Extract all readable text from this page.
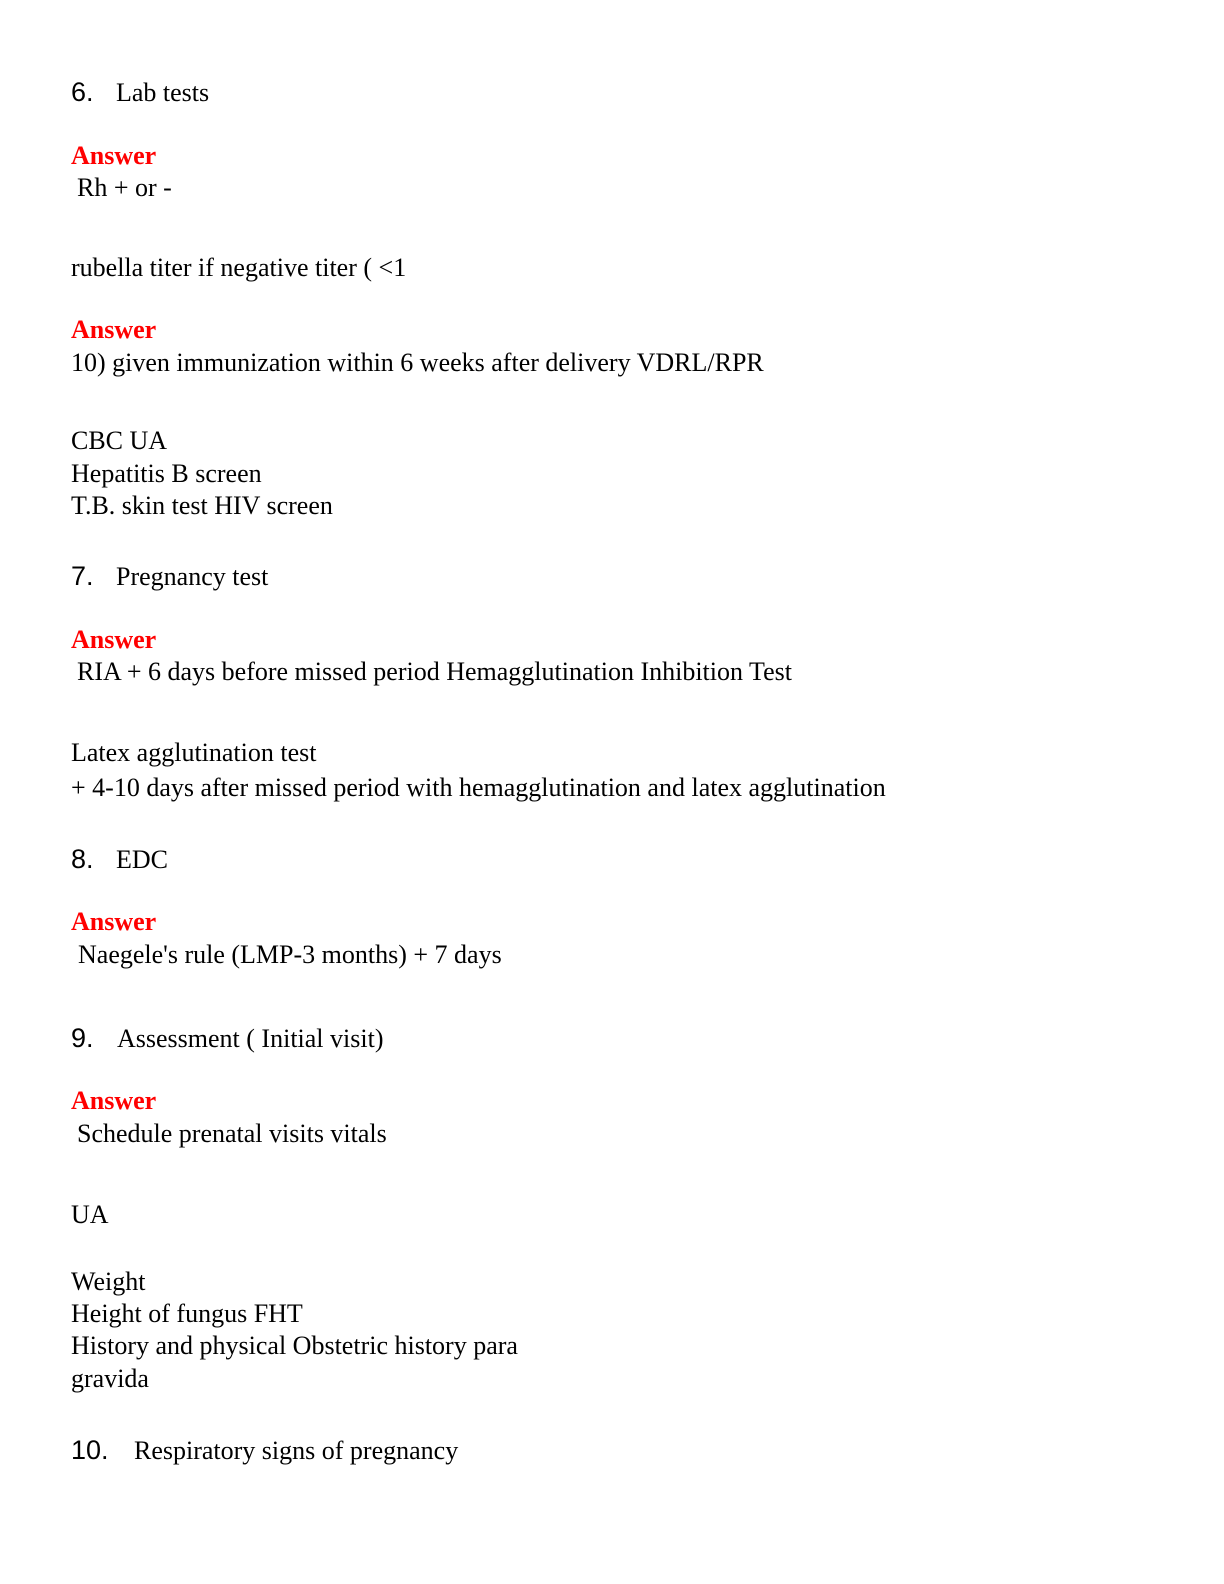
6. Lab tests
Answer
Rh + or -
rubella titer if negative titer ( <1
Answer
10) given immunization within 6 weeks after delivery VDRL/RPR
CBC UA
Hepatitis B screen
T.B. skin test HIV screen
7. Pregnancy test
Answer
RIA + 6 days before missed period Hemagglutination Inhibition Test
Latex agglutination test
+ 4-10 days after missed period with hemagglutination and latex agglutination
8. EDC
Answer
Naegele's rule (LMP-3 months) + 7 days
9. Assessment ( Initial visit)
Answer
Schedule prenatal visits vitals
UA
Weight
Height of fungus FHT
History and physical Obstetric history para
gravida
10. Respiratory signs of pregnancy
